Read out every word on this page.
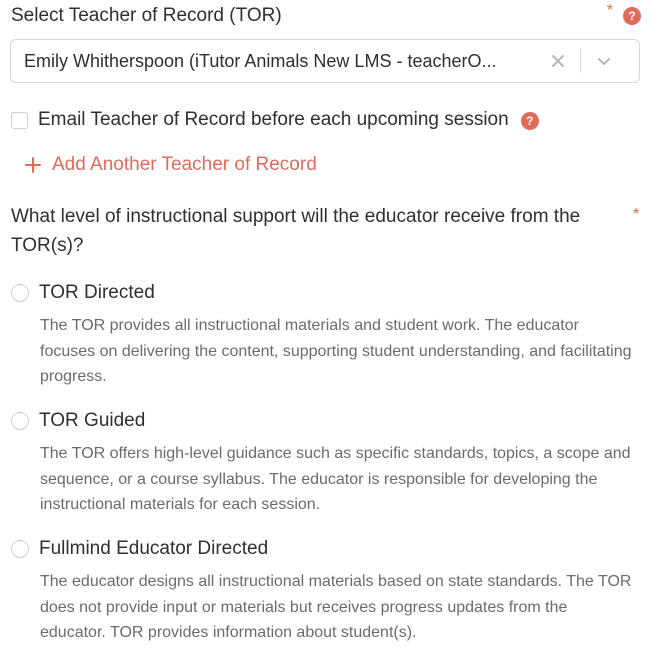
Select Teacher of Record (TOR)	*	?
Emily Whitherspoon (iTutor Animals New LMS - teacherO...
Email Teacher of Record before each upcoming session	?
Add Another Teacher of Record
What level of instructional support will the educator receive from the TOR(s)?
*
TOR Directed
The TOR provides all instructional materials and student work. The educator focuses on delivering the content, supporting student understanding, and facilitating progress.
TOR Guided
The TOR offers high-level guidance such as specific standards, topics, a scope and sequence, or a course syllabus. The educator is responsible for developing the instructional materials for each session.
Fullmind Educator Directed
The educator designs all instructional materials based on state standards. The TOR does not provide input or materials but receives progress updates from the educator. TOR provides information about student(s).
